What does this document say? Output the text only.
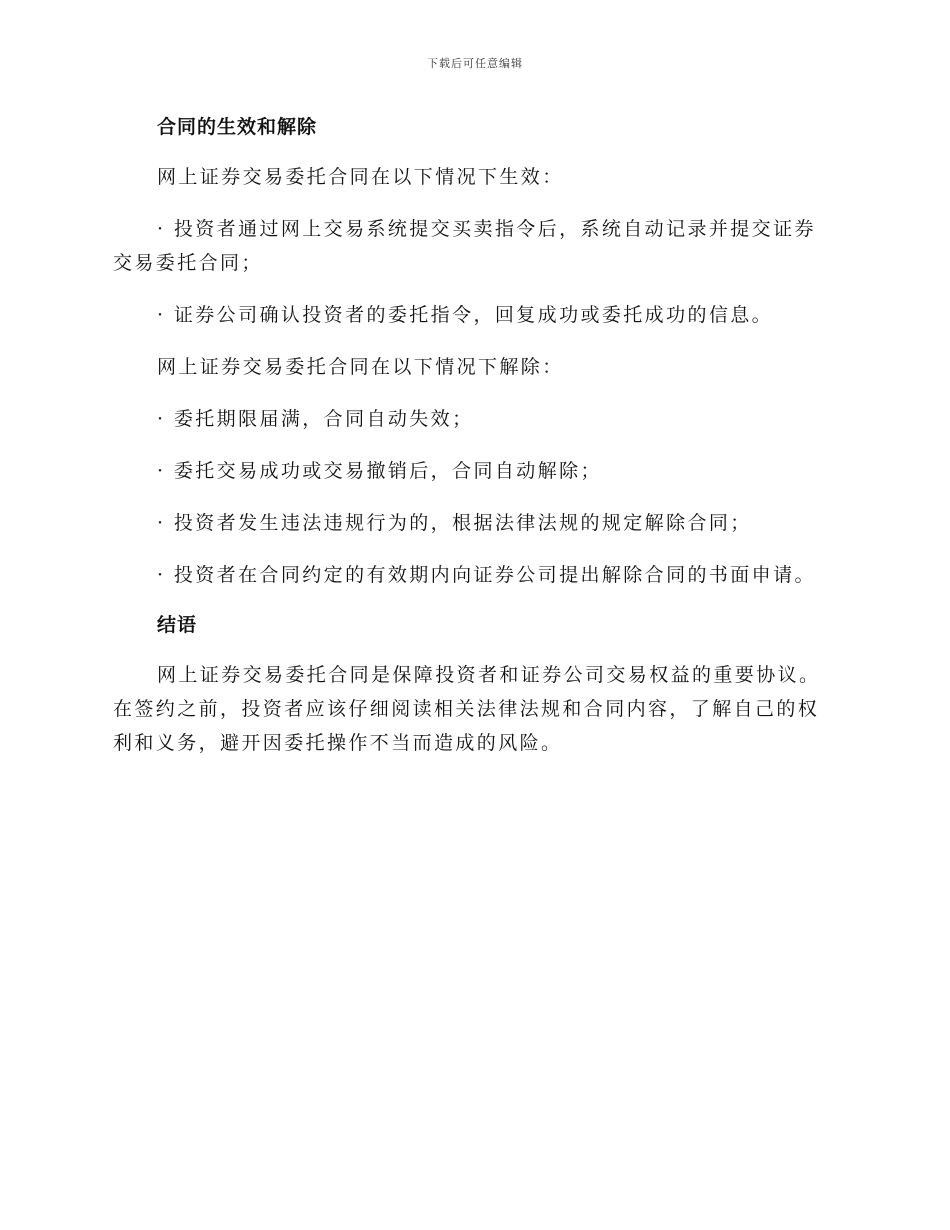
下载后可任意编辑
合同的生效和解除

网上证券交易委托合同在以下情况下生效：

· 投资者通过网上交易系统提交买卖指令后，系统自动记录并提交证券交易委托合同；

· 证券公司确认投资者的委托指令，回复成功或委托成功的信息。

网上证券交易委托合同在以下情况下解除：

· 委托期限届满，合同自动失效；

· 委托交易成功或交易撤销后，合同自动解除；

· 投资者发生违法违规行为的，根据法律法规的规定解除合同；

· 投资者在合同约定的有效期内向证券公司提出解除合同的书面申请。

结语

网上证券交易委托合同是保障投资者和证券公司交易权益的重要协议。在签约之前，投资者应该仔细阅读相关法律法规和合同内容，了解自己的权利和义务，避开因委托操作不当而造成的风险。
